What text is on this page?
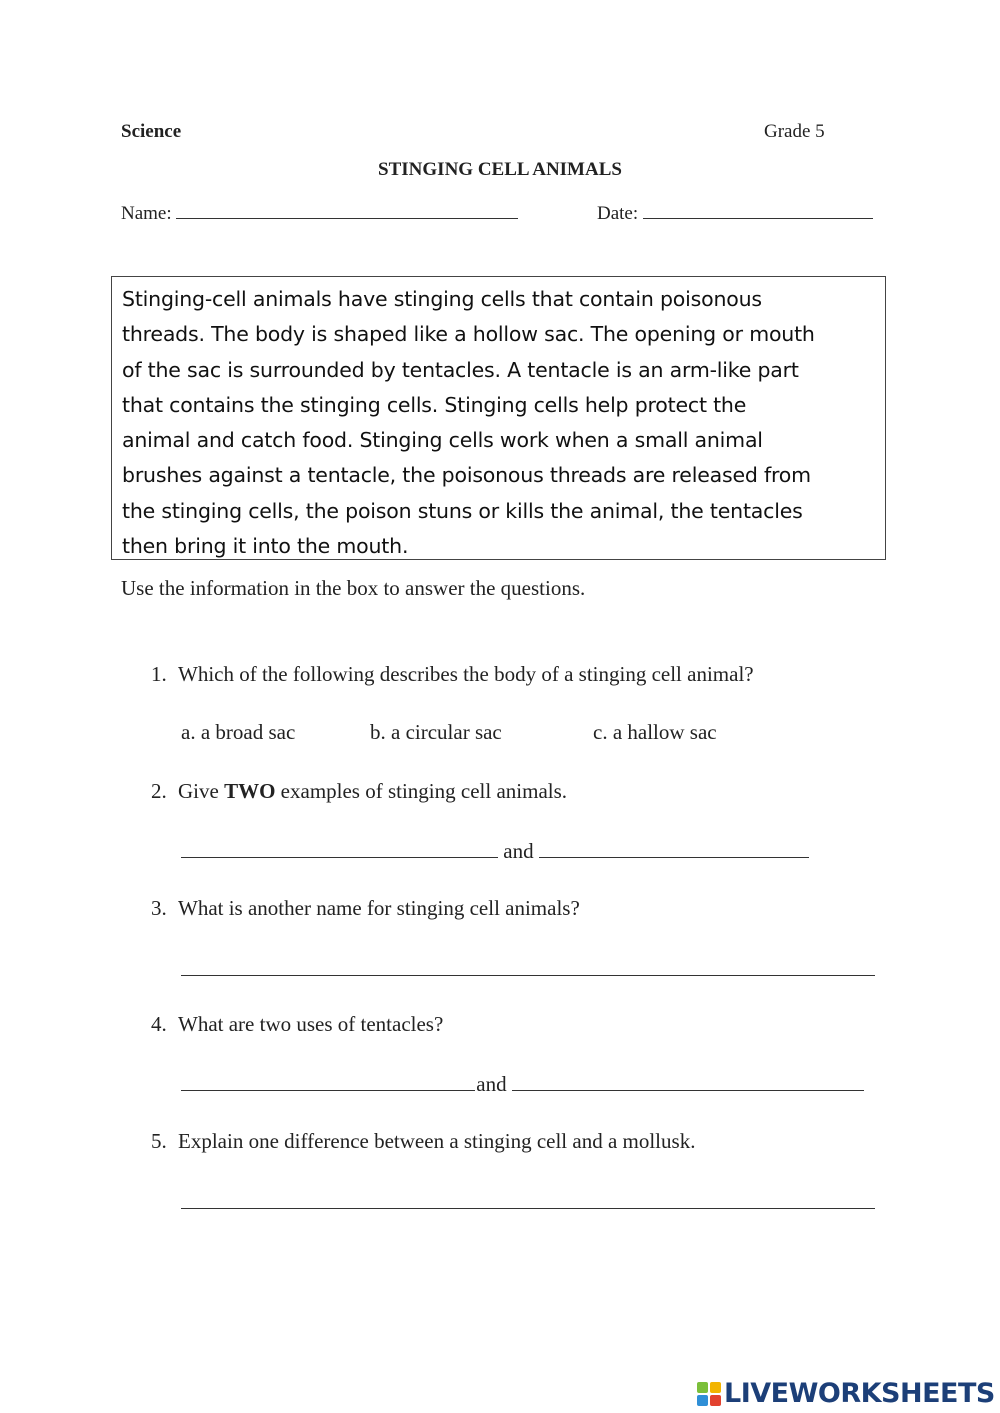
Science	Grade 5
STINGING CELL ANIMALS
Name:	Date:
Stinging-cell animals have stinging cells that contain poisonous
threads. The body is shaped like a hollow sac. The opening or mouth
of the sac is surrounded by tentacles. A tentacle is an arm-like part
that contains the stinging cells. Stinging cells help protect the
animal and catch food. Stinging cells work when a small animal
brushes against a tentacle, the poisonous threads are released from
the stinging cells, the poison stuns or kills the animal, the tentacles
then bring it into the mouth.
Use the information in the box to answer the questions.
1. Which of the following describes the body of a stinging cell animal?
a. a broad sac	b. a circular sac	c. a hallow sac
2. Give TWO examples of stinging cell animals.
and
3. What is another name for stinging cell animals?
4. What are two uses of tentacles?
and
5. Explain one difference between a stinging cell and a mollusk.
LIVEWORKSHEETS
